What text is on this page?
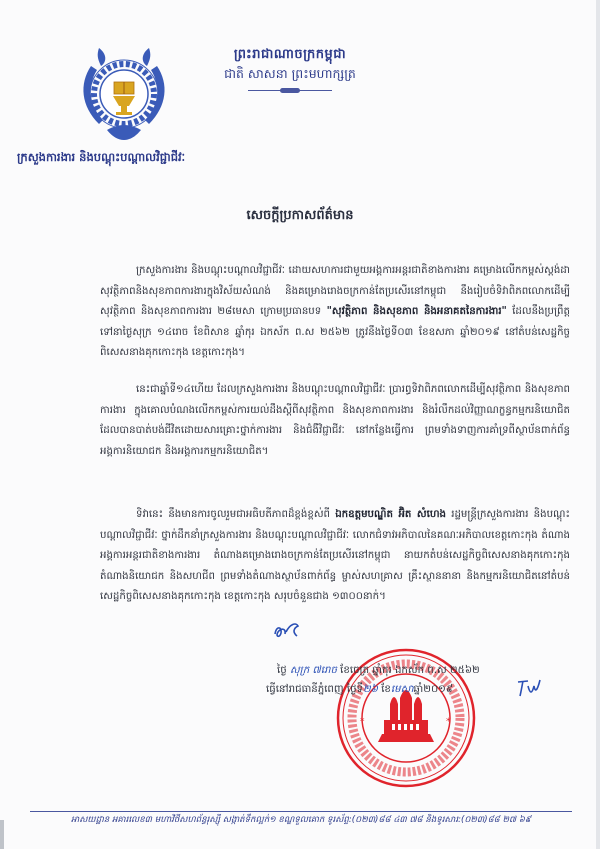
ព្រះរាជាណាចក្រកម្ពុជា
ជាតិ សាសនា ព្រះមហាក្សត្រ
ក្រសួងការងារ និងបណ្តុះបណ្តាលវិជ្ជាជីវៈ
សេចក្តីប្រកាសព័ត៌មាន
ក្រសួងការងារ និងបណ្តុះបណ្តាលវិជ្ជាជីវៈ ដោយសហការជាមួយអង្គការអន្តរជាតិខាងការងារ គម្រោងលើកកម្ពស់ស្តង់ដាសុវត្ថិភាពនិងសុខភាពការងារក្នុងវិស័យសំណង់ និងគម្រោងរោងចក្រកាន់តែប្រសើរនៅកម្ពុជា នឹងរៀបចំទិវាពិភពលោកដើម្បីសុវត្ថិភាព និងសុខភាពការងារ ២៨មេសា ក្រោមប្រធានបទ "សុវត្ថិភាព និងសុខភាព និងអនាគតនៃការងារ" ដែលនឹងប្រព្រឹត្តទៅនាថ្ងៃសុក្រ ១៤រោច ខែពិសាខ ឆ្នាំកុរ ឯកស័ក ព.ស ២៥៦២ ត្រូវនឹងថ្ងៃទី០៣ ខែឧសភា ឆ្នាំ២០១៩ នៅតំបន់សេដ្ឋកិច្ចពិសេសនាងគុកកោះកុង ខេត្តកោះកុង។
នេះជាឆ្នាំទី១៤ហើយ ដែលក្រសួងការងារ និងបណ្តុះបណ្តាលវិជ្ជាជីវៈ ប្រារព្ធទិវាពិភពលោកដើម្បីសុវត្ថិភាព និងសុខភាពការងារ ក្នុងគោលបំណងលើកកម្ពស់ការយល់ដឹងស្តីពីសុវត្ថិភាព និងសុខភាពការងារ និងរំលឹកដល់វិញ្ញាណក្ខន្ធកម្មករនិយោជិតដែលបានបាត់បង់ជីវិតដោយសារគ្រោះថ្នាក់ការងារ និងជំងឺវិជ្ជាជីវៈ នៅកន្លែងធ្វើការ ព្រមទាំងទាញការគាំទ្រពីស្ថាប័នពាក់ព័ន្ធ អង្គការនិយោជក និងអង្គការកម្មករនិយោជិត។
ទិវានេះ នឹងមានការចូលរួមជាអធិបតីភាពដ៏ខ្ពង់ខ្ពស់ពី ឯកឧត្តមបណ្ឌិត អ៊ិត សំហេង រដ្ឋមន្ត្រីក្រសួងការងារ និងបណ្តុះបណ្តាលវិជ្ជាជីវៈ ថ្នាក់ដឹកនាំក្រសួងការងារ និងបណ្តុះបណ្តាលវិជ្ជាជីវៈ លោកជំទាវអភិបាលនៃគណៈអភិបាលខេត្តកោះកុង តំណាងអង្គការអន្តរជាតិខាងការងារ តំណាងគម្រោងរោងចក្រកាន់តែប្រសើរនៅកម្ពុជា នាយកតំបន់សេដ្ឋកិច្ចពិសេសនាងគុកកោះកុង តំណាងនិយោជក និងសហជីព ព្រមទាំងតំណាងស្ថាប័នពាក់ព័ន្ធ ម្ចាស់សហគ្រាស គ្រឹះស្ថាននានា និងកម្មករនិយោជិតនៅតំបន់សេដ្ឋកិច្ចពិសេសនាងគុកកោះកុង ខេត្តកោះកុង សរុបចំនួនជាង ១៣០០នាក់។
*	*
ថ្ងៃ សុក្រ ៧រោច ខែចេត្រ ឆ្នាំកុរ ឯកស័ក ព.ស ២៥៦២
ធ្វើនៅរាជធានីភ្នំពេញ ថ្ងៃទី២៦ ខែមេសាឆ្នាំ២០១៩
អាសយដ្ឋាន អគារលេខ៣ មហាវិថីសហព័ន្ធរុស្ស៊ី សង្កាត់ទឹកល្អក់១ ខណ្ឌទួលគោក ទូរស័ព្ទ:(០២៣)៨៨ ៤៣ ៧៨ និងទូរសារ:(០២៣)៨៨ ២៧ ៦៩
